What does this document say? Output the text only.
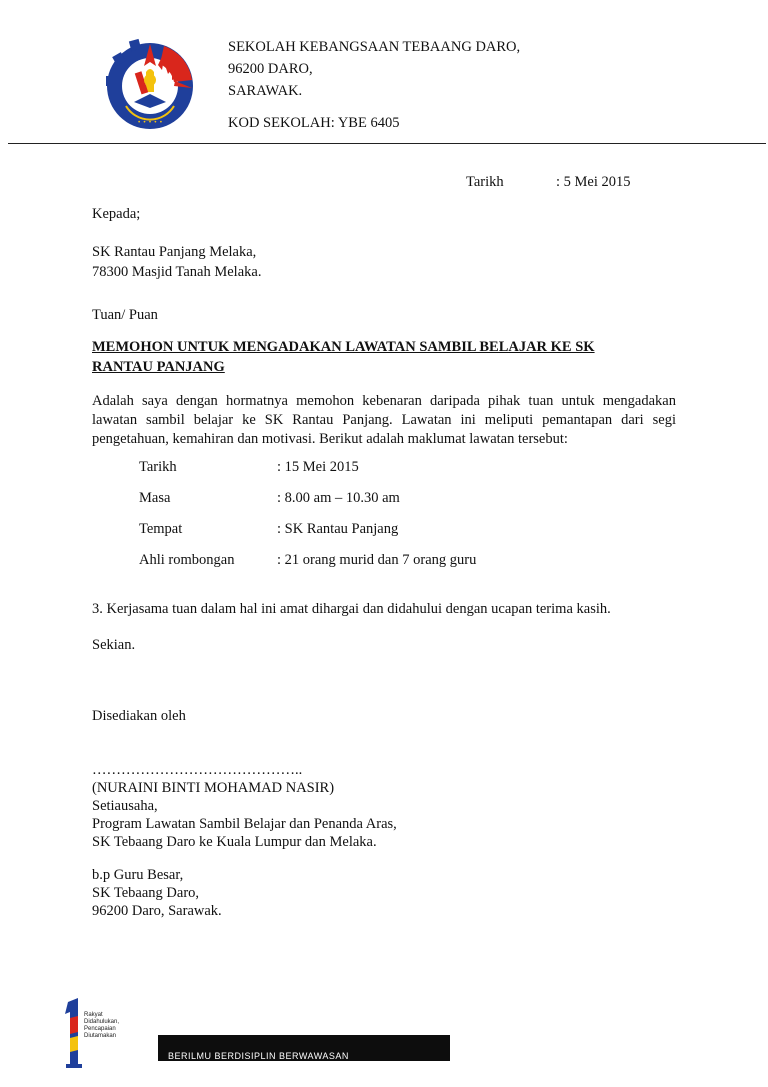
• • • • •
SEKOLAH KEBANGSAAN TEBAANG DARO,
96200 DARO,
SARAWAK.
KOD SEKOLAH: YBE 6405
Tarikh	: 5 Mei 2015
Kepada;
SK Rantau Panjang Melaka,
78300 Masjid Tanah Melaka.
Tuan/ Puan
MEMOHON UNTUK MENGADAKAN LAWATAN SAMBIL BELAJAR KE SK
RANTAU PANJANG
Adalah saya dengan hormatnya memohon kebenaran daripada pihak tuan untuk mengadakan
lawatan sambil belajar ke SK Rantau Panjang. Lawatan ini meliputi pemantapan dari segi
pengetahuan, kemahiran dan motivasi. Berikut adalah maklumat lawatan tersebut:
Tarikh	: 15 Mei 2015
Masa	: 8.00 am – 10.30 am
Tempat	: SK Rantau Panjang
Ahli rombongan	: 21 orang murid dan 7 orang guru
3. Kerjasama tuan dalam hal ini amat dihargai dan didahului dengan ucapan terima kasih.
Sekian.
Disediakan oleh
……………………………………..
(NURAINI BINTI MOHAMAD NASIR)
Setiausaha,
Program Lawatan Sambil Belajar dan Penanda Aras,
SK Tebaang Daro ke Kuala Lumpur dan Melaka.
b.p Guru Besar,
SK Tebaang Daro,
96200 Daro, Sarawak.
Rakyat
Didahulukan,
Pencapaian
Diutamakan
BERILMU BERDISIPLIN BERWAWASAN
